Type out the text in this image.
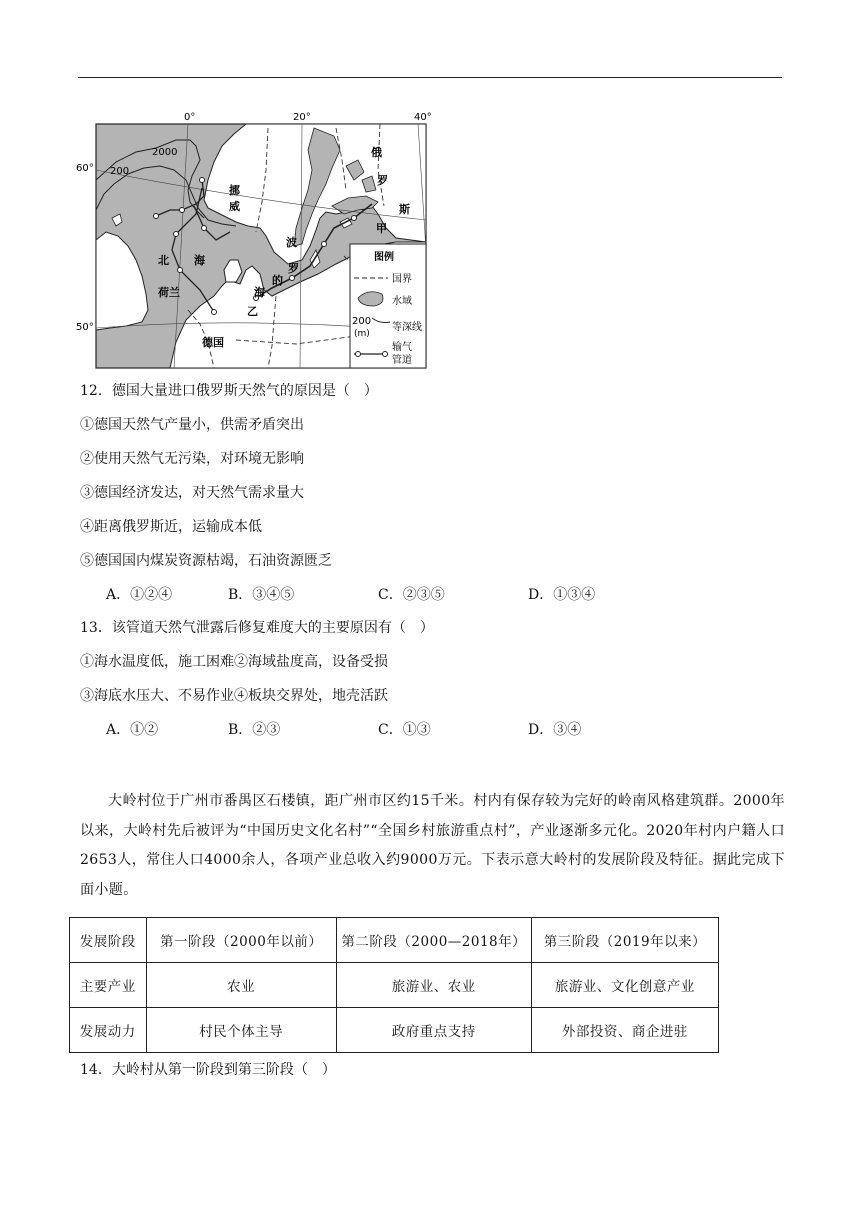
0°	20°	40°
60°
50°
2000
200
挪
威
俄
罗
斯
甲
北 海
波
罗
的
海
荷兰
德国
乙
图例
国界
水域
200
(m)
等深线
输气
管道
12．德国大量进口俄罗斯天然气的原因是（　）
①德国天然气产量小，供需矛盾突出
②使用天然气无污染，对环境无影响
③德国经济发达，对天然气需求量大
④距离俄罗斯近，运输成本低
⑤德国国内煤炭资源枯竭，石油资源匮乏
A．①②④	B．③④⑤	C．②③⑤	D．①③④
13．该管道天然气泄露后修复难度大的主要原因有（　）
①海水温度低，施工困难②海域盐度高，设备受损
③海底水压大、不易作业④板块交界处，地壳活跃
A．①②	B．②③	C．①③	D．③④
大岭村位于广州市番禺区石楼镇，距广州市区约15千米。村内有保存较为完好的岭南风格建筑群。2000年以来，大岭村先后被评为“中国历史文化名村”“全国乡村旅游重点村”，产业逐渐多元化。2020年村内户籍人口2653人，常住人口4000余人，各项产业总收入约9000万元。下表示意大岭村的发展阶段及特征。据此完成下面小题。
发展阶段	第一阶段（2000年以前）	第二阶段（2000—2018年）	第三阶段（2019年以来）
主要产业	农业	旅游业、农业	旅游业、文化创意产业
发展动力	村民个体主导	政府重点支持	外部投资、商企进驻
14．大岭村从第一阶段到第三阶段（　）
